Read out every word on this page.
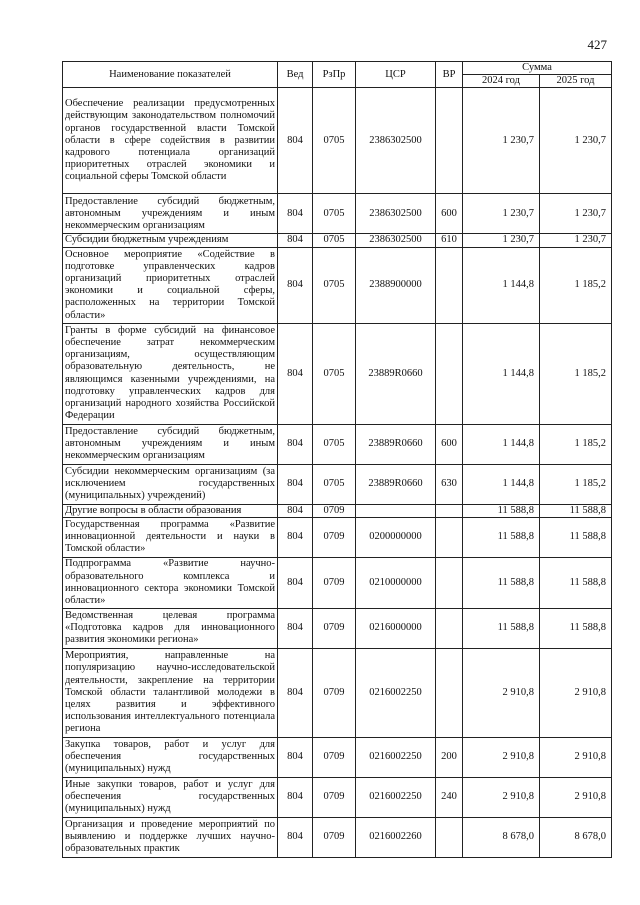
427
Наименование показателей	Вед	РзПр	ЦСР	ВР	Сумма	
					2024 год	2025 год
Обеспечение реализации предусмотренных действующим законодательством полномочий органов государственной власти Томской области в сфере содействия в развитии кадрового потенциала организаций приоритетных отраслей экономики и социальной сферы Томской области	804	0705	2386302500		1 230,7	1 230,7
Предоставление субсидий бюджетным, автономным учреждениям и иным некоммерческим организациям	804	0705	2386302500	600	1 230,7	1 230,7
Субсидии бюджетным учреждениям	804	0705	2386302500	610	1 230,7	1 230,7
Основное мероприятие «Содействие в подготовке управленческих кадров организаций приоритетных отраслей экономики и социальной сферы, расположенных на территории Томской области»	804	0705	2388900000		1 144,8	1 185,2
Гранты в форме субсидий на финансовое обеспечение затрат некоммерческим организациям, осуществляющим образовательную деятельность, не являющимся казенными учреждениями, на подготовку управленческих кадров для организаций народного хозяйства Российской Федерации	804	0705	23889R0660		1 144,8	1 185,2
Предоставление субсидий бюджетным, автономным учреждениям и иным некоммерческим организациям	804	0705	23889R0660	600	1 144,8	1 185,2
Субсидии некоммерческим организациям (за исключением государственных (муниципальных) учреждений)	804	0705	23889R0660	630	1 144,8	1 185,2
Другие вопросы в области образования	804	0709			11 588,8	11 588,8
Государственная программа «Развитие инновационной деятельности и науки в Томской области»	804	0709	0200000000		11 588,8	11 588,8
Подпрограмма «Развитие научно-образовательного комплекса и инновационного сектора экономики Томской области»	804	0709	0210000000		11 588,8	11 588,8
Ведомственная целевая программа «Подготовка кадров для инновационного развития экономики региона»	804	0709	0216000000		11 588,8	11 588,8
Мероприятия, направленные на популяризацию научно-исследовательской деятельности, закрепление на территории Томской области талантливой молодежи в целях развития и эффективного использования интеллектуального потенциала региона	804	0709	0216002250		2 910,8	2 910,8
Закупка товаров, работ и услуг для обеспечения государственных (муниципальных) нужд	804	0709	0216002250	200	2 910,8	2 910,8
Иные закупки товаров, работ и услуг для обеспечения государственных (муниципальных) нужд	804	0709	0216002250	240	2 910,8	2 910,8
Организация и проведение мероприятий по выявлению и поддержке лучших научно-образовательных практик	804	0709	0216002260		8 678,0	8 678,0
